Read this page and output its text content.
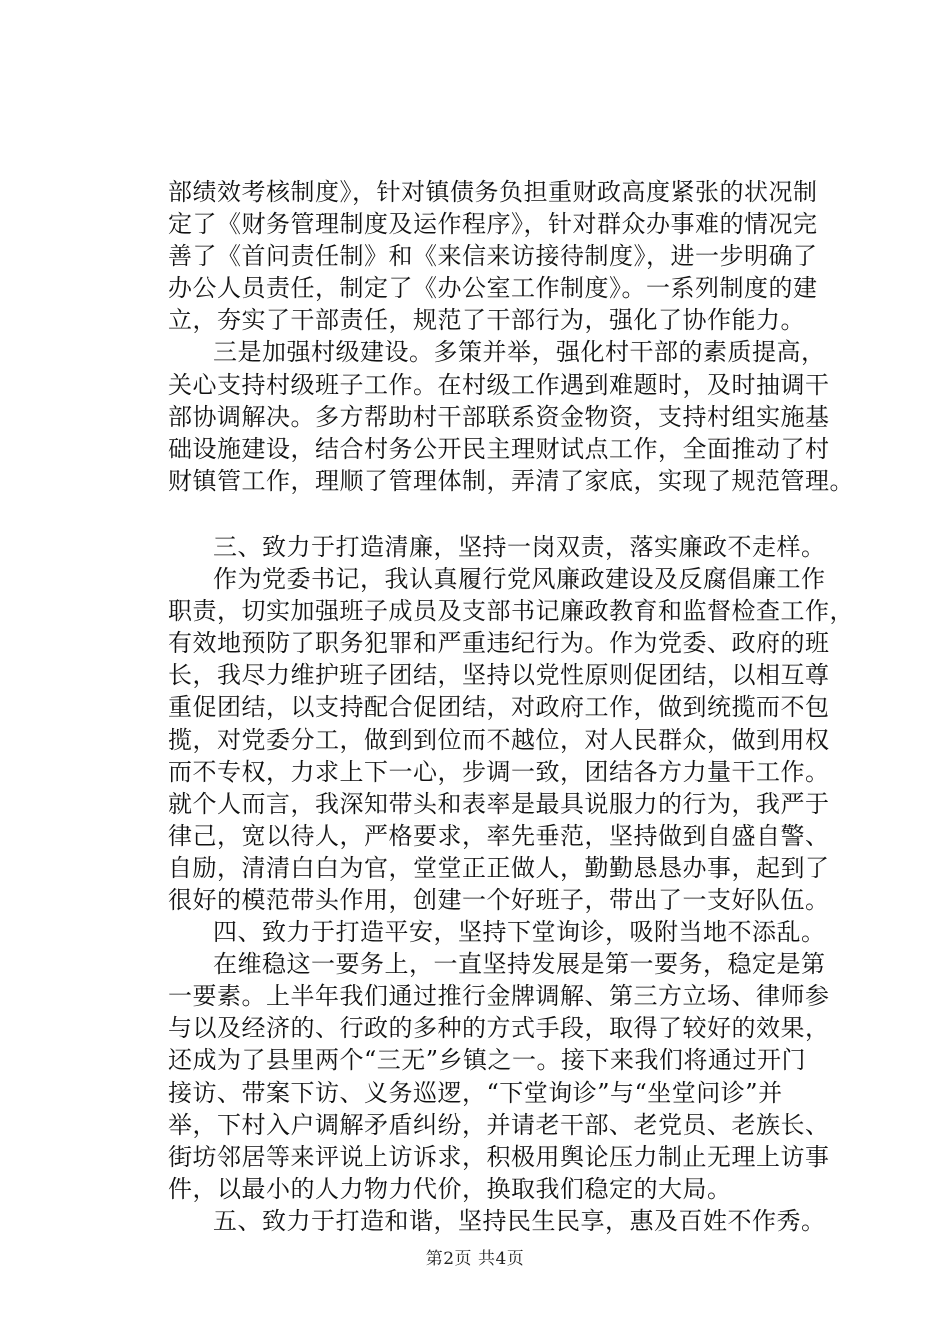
部绩效考核制度》，针对镇债务负担重财政高度紧张的状况制
定了《财务管理制度及运作程序》，针对群众办事难的情况完
善了《首问责任制》和《来信来访接待制度》，进一步明确了
办公人员责任，制定了《办公室工作制度》。一系列制度的建
立，夯实了干部责任，规范了干部行为，强化了协作能力。
三是加强村级建设。多策并举，强化村干部的素质提高，
关心支持村级班子工作。在村级工作遇到难题时，及时抽调干
部协调解决。多方帮助村干部联系资金物资，支持村组实施基
础设施建设，结合村务公开民主理财试点工作，全面推动了村
财镇管工作，理顺了管理体制，弄清了家底，实现了规范管理。
三、致力于打造清廉，坚持一岗双责，落实廉政不走样。
作为党委书记，我认真履行党风廉政建设及反腐倡廉工作
职责，切实加强班子成员及支部书记廉政教育和监督检查工作，
有效地预防了职务犯罪和严重违纪行为。作为党委、政府的班
长，我尽力维护班子团结，坚持以党性原则促团结，以相互尊
重促团结，以支持配合促团结，对政府工作，做到统揽而不包
揽，对党委分工，做到到位而不越位，对人民群众，做到用权
而不专权，力求上下一心，步调一致，团结各方力量干工作。
就个人而言，我深知带头和表率是最具说服力的行为，我严于
律己，宽以待人，严格要求，率先垂范，坚持做到自盛自警、
自励，清清白白为官，堂堂正正做人，勤勤恳恳办事，起到了
很好的模范带头作用，创建一个好班子，带出了一支好队伍。
四、致力于打造平安，坚持下堂询诊，吸附当地不添乱。
在维稳这一要务上，一直坚持发展是第一要务，稳定是第
一要素。上半年我们通过推行金牌调解、第三方立场、律师参
与以及经济的、行政的多种的方式手段，取得了较好的效果，
还成为了县里两个“三无”乡镇之一。接下来我们将通过开门
接访、带案下访、义务巡逻，“下堂询诊”与“坐堂问诊”并
举，下村入户调解矛盾纠纷，并请老干部、老党员、老族长、
街坊邻居等来评说上访诉求，积极用舆论压力制止无理上访事
件，以最小的人力物力代价，换取我们稳定的大局。
五、致力于打造和谐，坚持民生民享，惠及百姓不作秀。
第2页 共4页
